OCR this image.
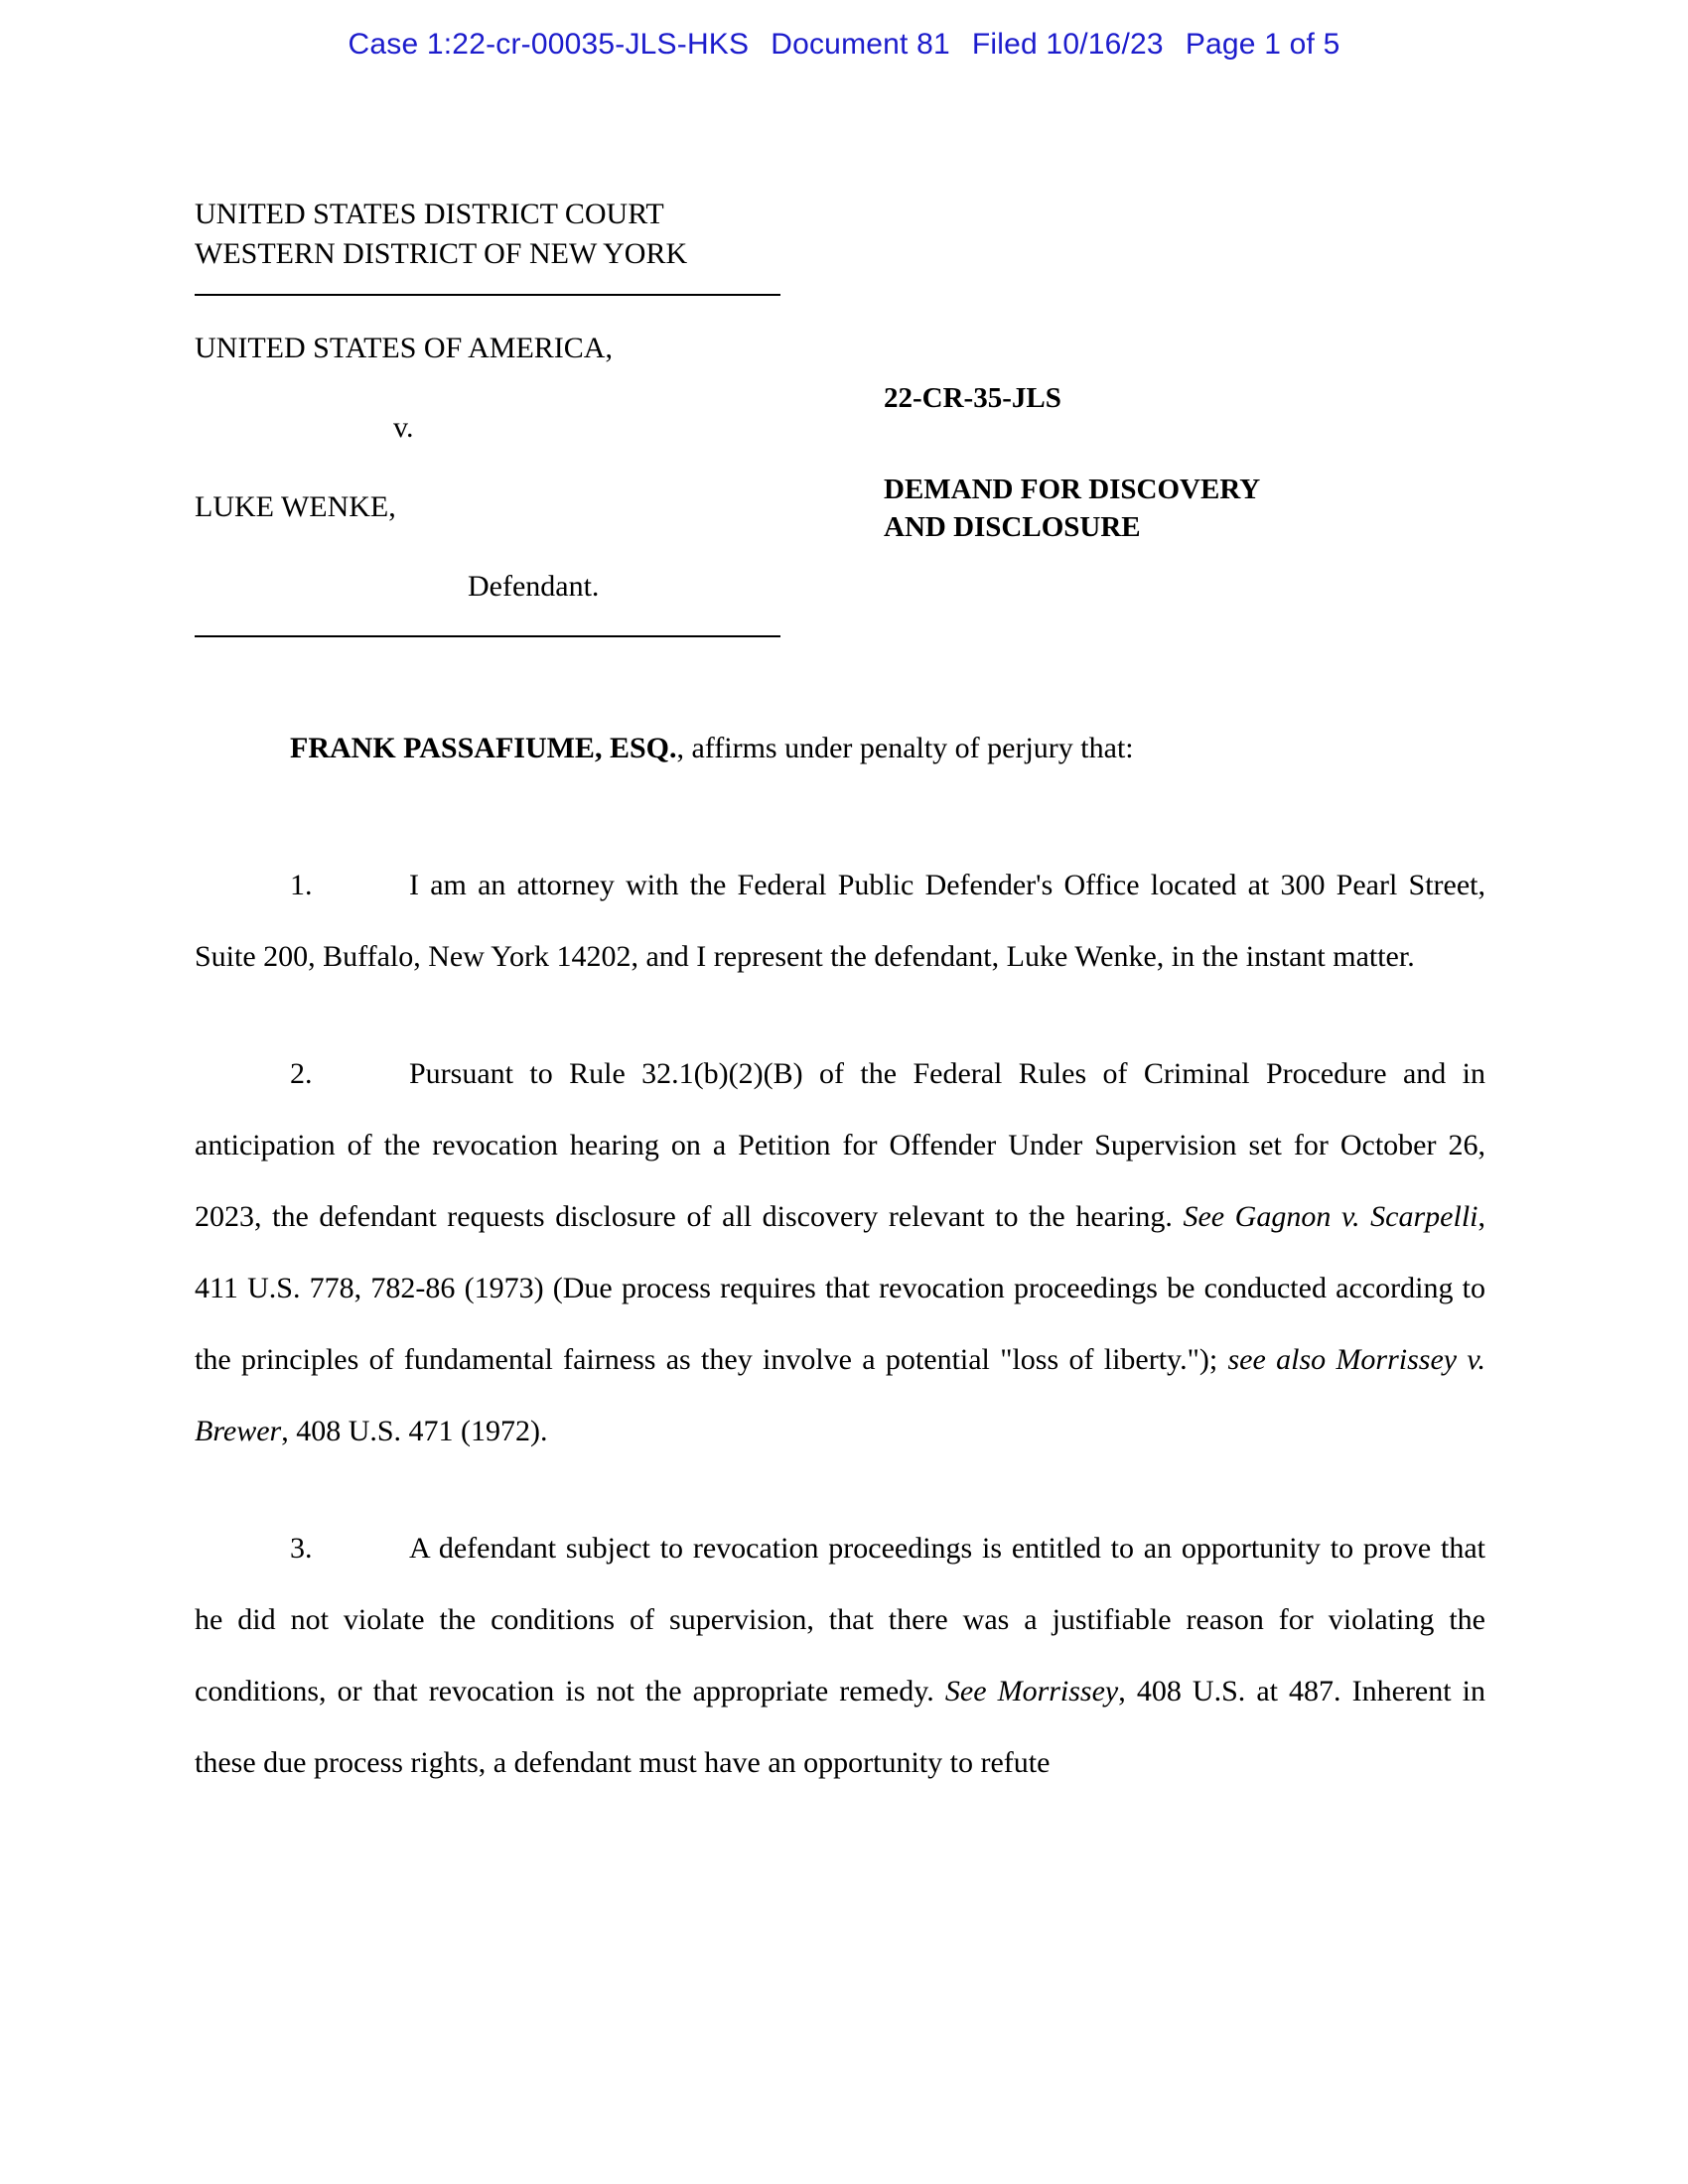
Case 1:22-cr-00035-JLS-HKS Document 81 Filed 10/16/23 Page 1 of 5
UNITED STATES DISTRICT COURT
WESTERN DISTRICT OF NEW YORK
UNITED STATES OF AMERICA,
v.
LUKE WENKE,
Defendant.
22-CR-35-JLS
DEMAND FOR DISCOVERY
AND DISCLOSURE

FRANK PASSAFIUME, ESQ., affirms under penalty of perjury that:

1.	I am an attorney with the Federal Public Defender's Office located at 300 Pearl Street, Suite 200, Buffalo, New York 14202, and I represent the defendant, Luke Wenke, in the instant matter.

2.	Pursuant to Rule 32.1(b)(2)(B) of the Federal Rules of Criminal Procedure and in anticipation of the revocation hearing on a Petition for Offender Under Supervision set for October 26, 2023, the defendant requests disclosure of all discovery relevant to the hearing. See Gagnon v. Scarpelli, 411 U.S. 778, 782-86 (1973) (Due process requires that revocation proceedings be conducted according to the principles of fundamental fairness as they involve a potential "loss of liberty."); see also Morrissey v. Brewer, 408 U.S. 471 (1972).

3.	A defendant subject to revocation proceedings is entitled to an opportunity to prove that he did not violate the conditions of supervision, that there was a justifiable reason for violating the conditions, or that revocation is not the appropriate remedy. See Morrissey, 408 U.S. at 487. Inherent in these due process rights, a defendant must have an opportunity to refute
